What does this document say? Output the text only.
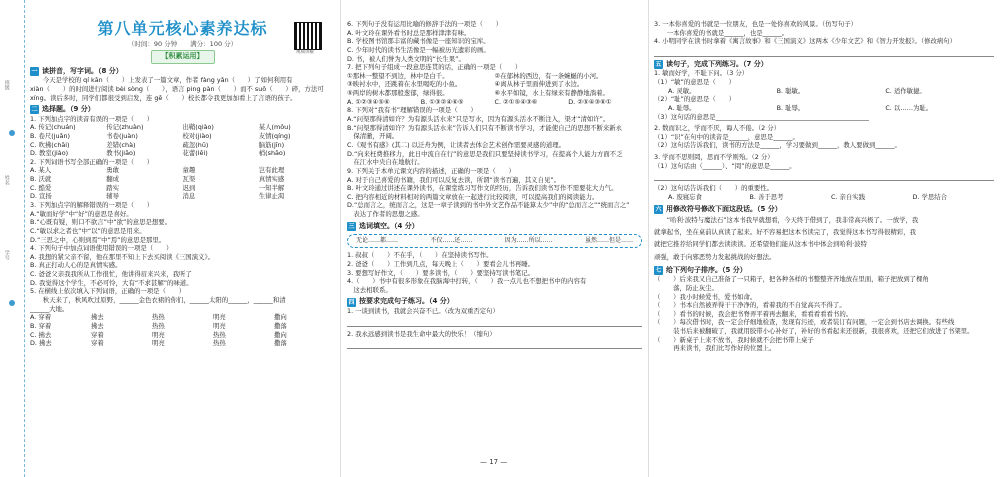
班级
姓名
学号
第八单元核心素养达标
（时间：90 分钟　　满分：100 分）
【积累运用】	视频讲解
一 读拼音，写字词。（8 分）
　　今天是学校的 qí kān（　　）上发表了一篇文章，作者 fàng yǎn（　　）了如何利用有
xiàn（　　）的时间进行阅读 bèi sòng（　　），语言 ping pàn（　　）而不 suō（　　）碎，方法可
xíng。读后多时，同学们都很受到启发，连 gē（　　）校长都令我更加加看上了言语的孩子。
二 选择题。（9 分）
1. 下列加点字的读音有误的一项是（　　）
A. 传记(chuán)	传记(zhuàn)	出鞘(qiào)	某人(mǒu)
B. 卷尺(juǎn)	书卷(juàn)	校对(jiào)	友情(qíng)
C. 吹拂(chāi)	差错(chà)	疏忽(hū)	脑筋(jīn)
D. 教室(jiào)	教书(jiāo)	花蕾(lěi)	梢(shāo)
2. 下列词语书写全部正确的一项是（　　）
A. 某人	勇敢	童趣	岂有此理
B. 沃就	翻成	瓦渠	真情实感
C. 酷爱	踏实	迟到	一知半解
D. 宣扬	辅导	消息	生律止渴
3. 下列加点字的解释错误的一项是（　　）
A.“敏而好学”中“好”的意思是喜好。
B.“心既有疑，则口不欲言”中“欲”的意思是想要。
C.“敏以求之者也”中“以”的意思是用来。
D.“三思之中，心则到焉”中“焉”的意思是那里。
4. 下列句子中加点词语使用错误的一项是（　　）
A. 我想的紧父亲不留，他在那里不知上下去买阅读《三国演义》。
B. 真正打动人心的是真情实感。
C. 爸爸父亲我我所从工作很忙，他讲得眉来兴来，我听了
D. 我觉得这个学生，不必可怜，大有“不求甚解”的味道。
5. 在横线上依次填入下列词语，正确的一项是（　　）
　　秋天来了，秋风吹过原野，______金色衣裙的你们，______太阳的______，______和清
______大地。
A. 穿着	拂去	热热	明亮	撒向
B. 穿着	拂去	热热	明亮	撒落
C. 拂去	穿着	明亮	热热	撒向
D. 拂去	穿着	明亮	热热	撒落
6. 下列句子没有运用比喻的修辞手法的一项是（　　）
A. 叶文玲在课外看书时总是那样津津有味。
B. 学校图书馆那丰富的藏书像是一座知识的宝库。
C. 少年时代的读书生活像是一幅被历光遗彩的画。
D. 书，被人们誉为人类文明的“长生果”。
7. 把下列句子组成一段意思连贯的话，正确的一项是（　　）
①那林一整望不到边，林中是白千。	②在郁林的西边，有一条蜿蜒的小河。
③映衬水中，还跳着在水里喝吃的小鱼。	④离从林子里面伸进到了水边。
⑤两岸的树木都那般葱郁，绿得很。	⑥水平如镜，水上有绿来有静静地淌着。
A. ①②③④⑤⑥	B. ①③②④⑥⑤	C. ②①⑤④③⑥	D. ②⑤④③⑥①
8. 下列对“我有书”理解错误的一项是（　　）
A.“问渠那得清如许？为有源头活水来”只是写水，因为有源头活水不断注入，渠才“清如许”。
B.“问渠那得清如许？为有源头活水来”告诉人们只有不断读书学习，才能使自己的思想不断来新永
　保清澈，开阔。
C.《观书有感》(其二) 以泛舟为例，让读者去体会艺术创作需要灵感的道理。
D.“向来枉费推移力，此日中流自在行”的意思是我们只要坚持读书学习，在提高个人能力方面不乏
　在江水中央自在地航行。
9. 下列关于本单元课文内容的描述，正确的一项是（　　）
A. 对于自己喜爱的书籍，我们可以反复去读，所谓“读书百遍，其义自见”。
B. 叶文玲通过讲述在课外读书，在课堂练习写作文的经历，告诉我们读书写作不需要花大力气。
C. 把内容相近的材料相对的两篇文章放在一起进行比较阅读，可以提高我们的阅读能力。
D.“总而言之，统而言之，这是一章子读到的书中外文艺作品不能算太少”中的“总而言之”“统而言之”
　表达了作者的思想之感。
三 选词填空。（4 分）
无论……都……	不仅……还……	因为……所以……	虽然……但是……
1. 叔叔（　　）不在乎，（　　）在坚持读书写作。
2. 爸爸（　　）工作到几点，每天晚上（　　）要看会儿书再睡。
3. 要想写好作文，（　　）要多读书，（　　）要坚持写读书笔记。
4.（　　）书中有很多形象在我脑海中打转，（　　）我一点儿也不想把书中的内容有
　这去相联系。
四 按要求完成句子练习。（4 分）
1. 一谈到读书，我就会兴奋不已。（改为双重否定句）
2. 我永远感到读书是我生命中最大的快乐！（缩句）
— 17 —
3. 一本你喜爱的书就是一位朋友，也是一处你喜欢的风景。（仿写句子）
　　一本你喜爱的书就是______，也是______。
4. 小明同学在读书时拿着《寓言故事》和《三国演义》这两本《少年文艺》和《智力开发报》。（修改病句）
五 读句子，完成下列练习。（7 分）
1. 敏而好学，不耻下问。（3 分）
（1）“敏”的意思是（　　）
A. 灵敏。	B. 聪敏。	C. 适作敏捷。
（2）“耻”的意思是（　　）
A. 耻辱。	B. 耻辱。	C. 以……为耻。
（3）这句话的意思是________________________________________________
2. 数而识之，学而不厌，诲人不倦。（2 分）
（1）“识”在句中的读音是______，意思是______。
（2）这句话告诉我们，读书的方法是______，学习要做到______，教人要做到______。
3. 学而不思则罔，思而不学则殆。（2 分）
（1）这句话由（______）、“罔”的意思是______。
（2）这句话告诉我们（　　）的重要性。
A. 废寝忘食	B. 善于思考	C. 亲自实践	D. 学思结合
六 用修改符号修改下面这段话。（5 分）
　　“哈利·波特与魔法石”这本书我早就想看，今天终于借到了，我非常高兴极了。一放学，我
就拿起书，坐在桌前认真读了起来。好不容易把这本书读完了，我觉得这本书写得很精彩，我
就把它推荐给同学们都去读读读。还希望他们能从这本书中体会到哈利·波特
顽强，敢于向邪恶势力发起挑战的好想法。
七 给下列句子排序。（5 分）
（　　）后来我又自己准备了一只箱子，把各种各样的书整整齐齐地放在里面，箱子把放到了棵角
　　　落，防止灰尘。
（　　）我小时候爱书，爱书如命。
（　　）书本自然被弄得干干净净的，看着我的不自觉高兴不得了。
（　　）看书的时候，我会把书脊弄平着再去翻来，看看看看看书的。
（　　）每次借书时，我一定会仔细地检查，发现有污迹，或者装订有问题，一定会到书店去调换。有些线
　　　装书后来被翻破了，我就用胶带小心补好了，补好的书看起来还很新，我很喜欢，还把它们放进了书架里。
（　　）新桌子上来不放书，我时候就不会把书带上桌子
　　　再来读书，我们比写作好的位置上。
